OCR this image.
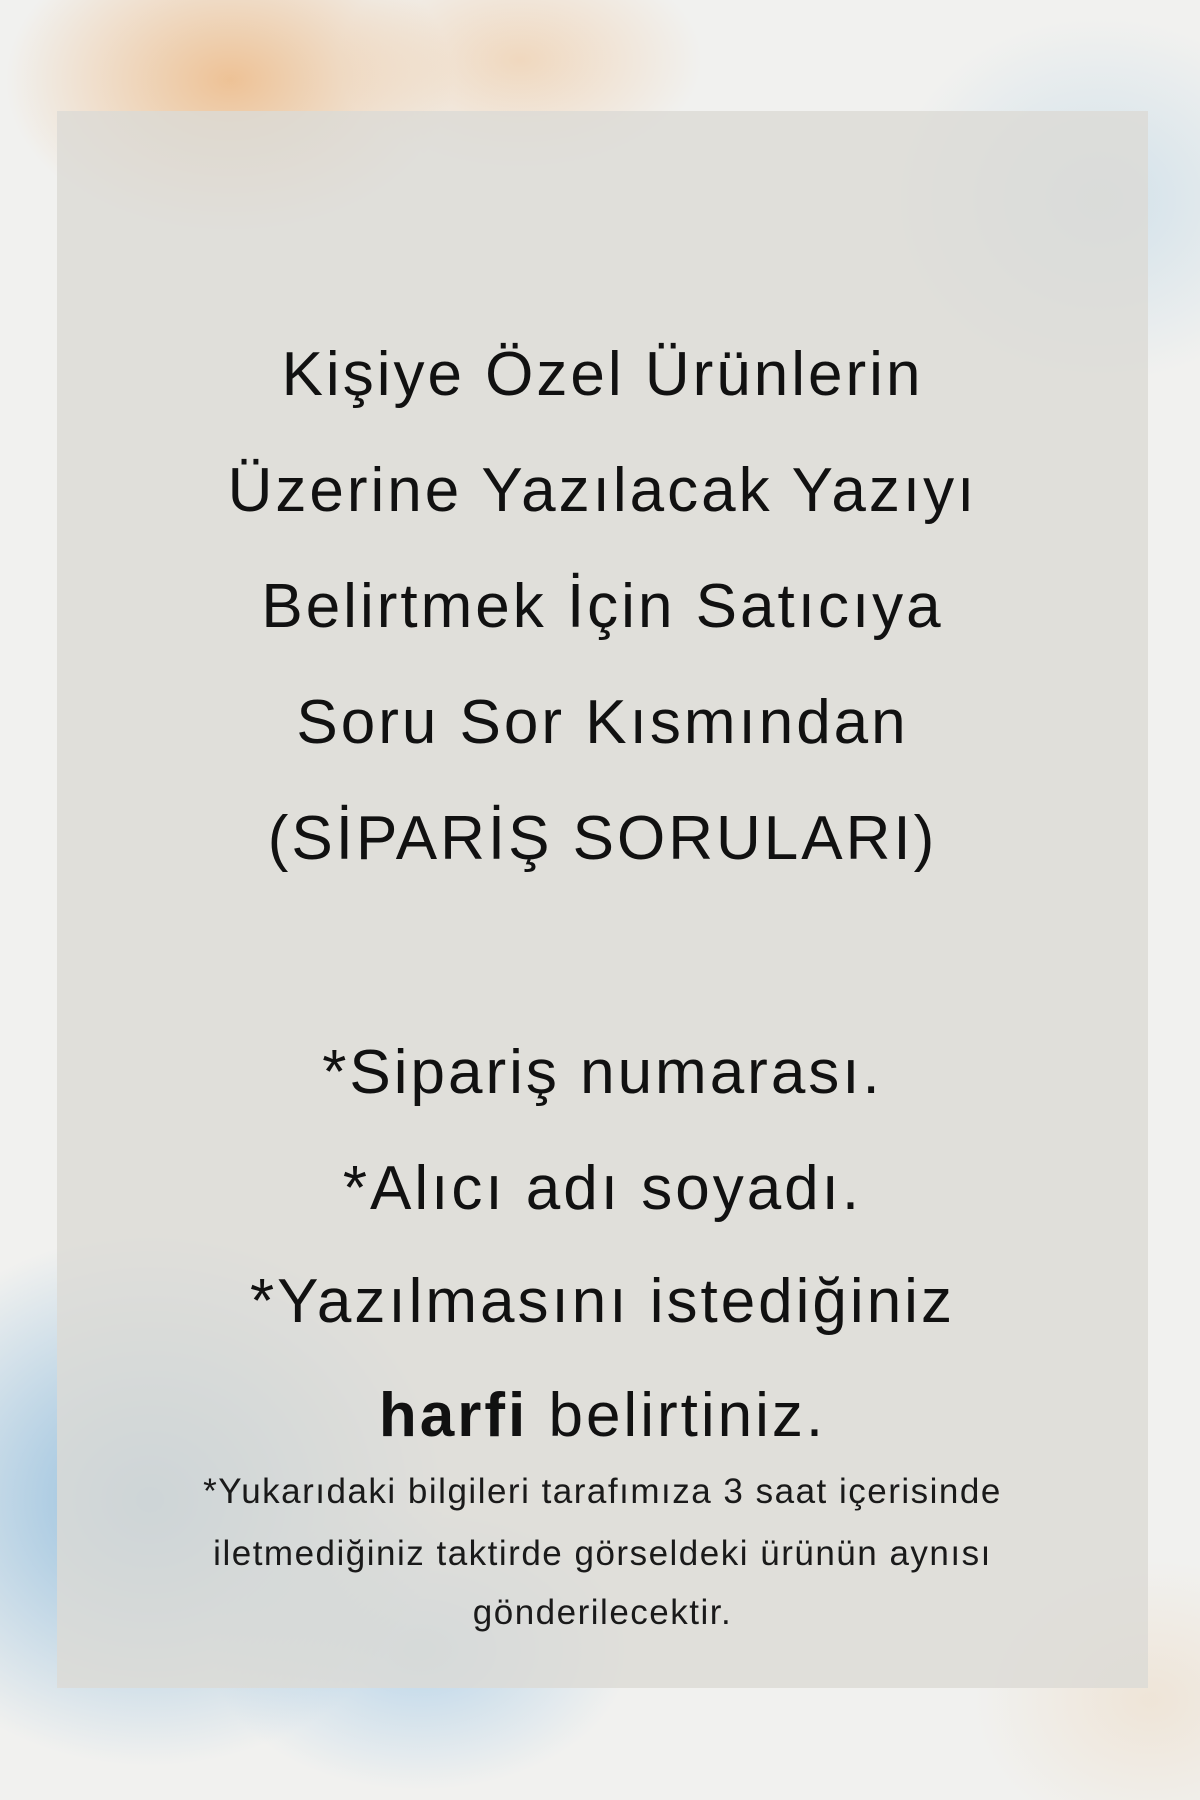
Kişiye Özel Ürünlerin
Üzerine Yazılacak Yazıyı
Belirtmek İçin Satıcıya
Soru Sor Kısmından
(SİPARİŞ SORULARI)
*Sipariş numarası.
*Alıcı adı soyadı.
*Yazılmasını istediğiniz
harfi belirtiniz.
*Yukarıdaki bilgileri tarafımıza 3 saat içerisinde
iletmediğiniz taktirde görseldeki ürünün aynısı
gönderilecektir.
